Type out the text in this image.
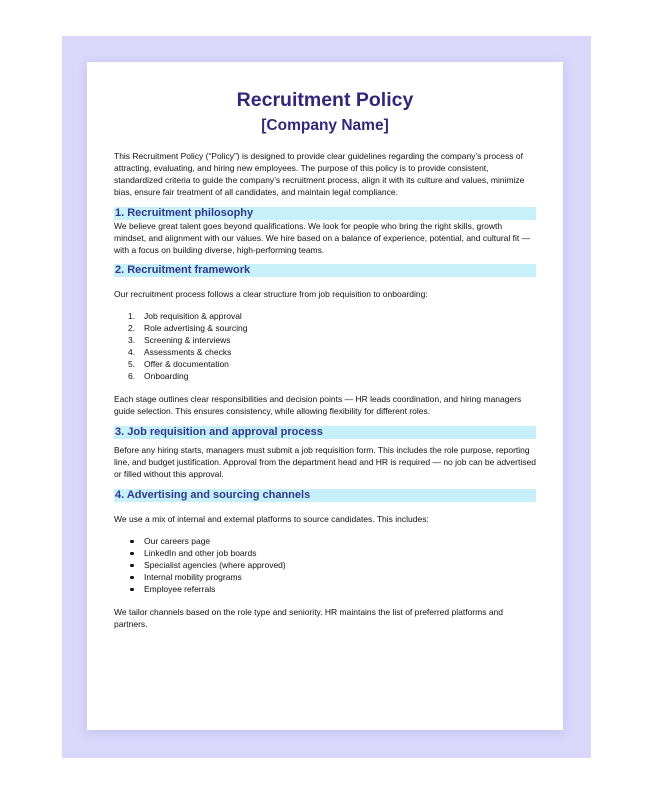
Recruitment Policy
[Company Name]

This Recruitment Policy (“Policy”) is designed to provide clear guidelines regarding the company’s process of attracting, evaluating, and hiring new employees. The purpose of this policy is to provide consistent, standardized criteria to guide the company’s recruitment process, align it with its culture and values, minimize bias, ensure fair treatment of all candidates, and maintain legal compliance.

1. Recruitment philosophy

We believe great talent goes beyond qualifications. We look for people who bring the right skills, growth mindset, and alignment with our values. We hire based on a balance of experience, potential, and cultural fit — with a focus on building diverse, high-performing teams.

2. Recruitment framework

Our recruitment process follows a clear structure from job requisition to onboarding:

1. Job requisition & approval
2. Role advertising & sourcing
3. Screening & interviews
4. Assessments & checks
5. Offer & documentation
6. Onboarding

Each stage outlines clear responsibilities and decision points — HR leads coordination, and hiring managers guide selection. This ensures consistency, while allowing flexibility for different roles.

3. Job requisition and approval process

Before any hiring starts, managers must submit a job requisition form. This includes the role purpose, reporting line, and budget justification. Approval from the department head and HR is required — no job can be advertised or filled without this approval.

4. Advertising and sourcing channels

We use a mix of internal and external platforms to source candidates. This includes:

Our careers page
LinkedIn and other job boards
Specialist agencies (where approved)
Internal mobility programs
Employee referrals

We tailor channels based on the role type and seniority. HR maintains the list of preferred platforms and partners.
